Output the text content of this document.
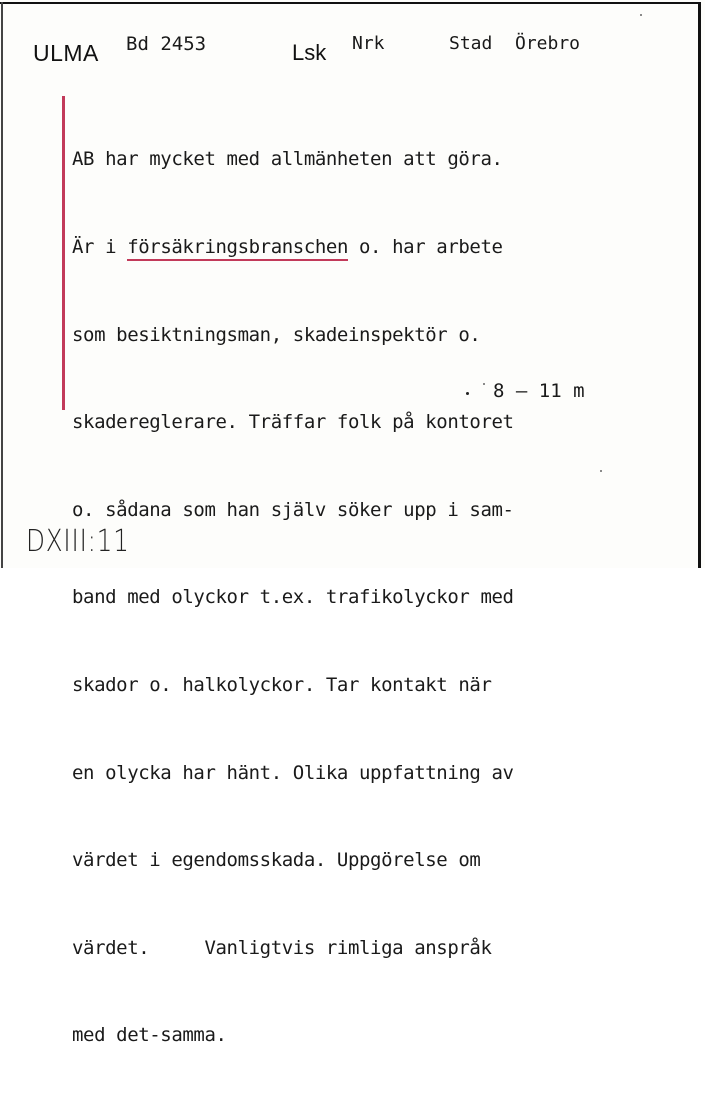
ULMA Bd 2453	Lsk Nrk	Stad Örebro

AB har mycket med allmänheten att göra.

Är i försäkringsbranschen o. har arbete

som besiktningsman, skadeinspektör o.

skadereglerare. Träffar folk på kontoret

o. sådana som han själv söker upp i sam-

band med olyckor t.ex. trafikolyckor med

skador o. halkolyckor. Tar kontakt när

en olycka har hänt. Olika uppfattning av

värdet i egendomsskada. Uppgörelse om

värdet.     Vanligtvis rimliga anspråk

med det-samma.

8 – 11 m
DXIII:11
